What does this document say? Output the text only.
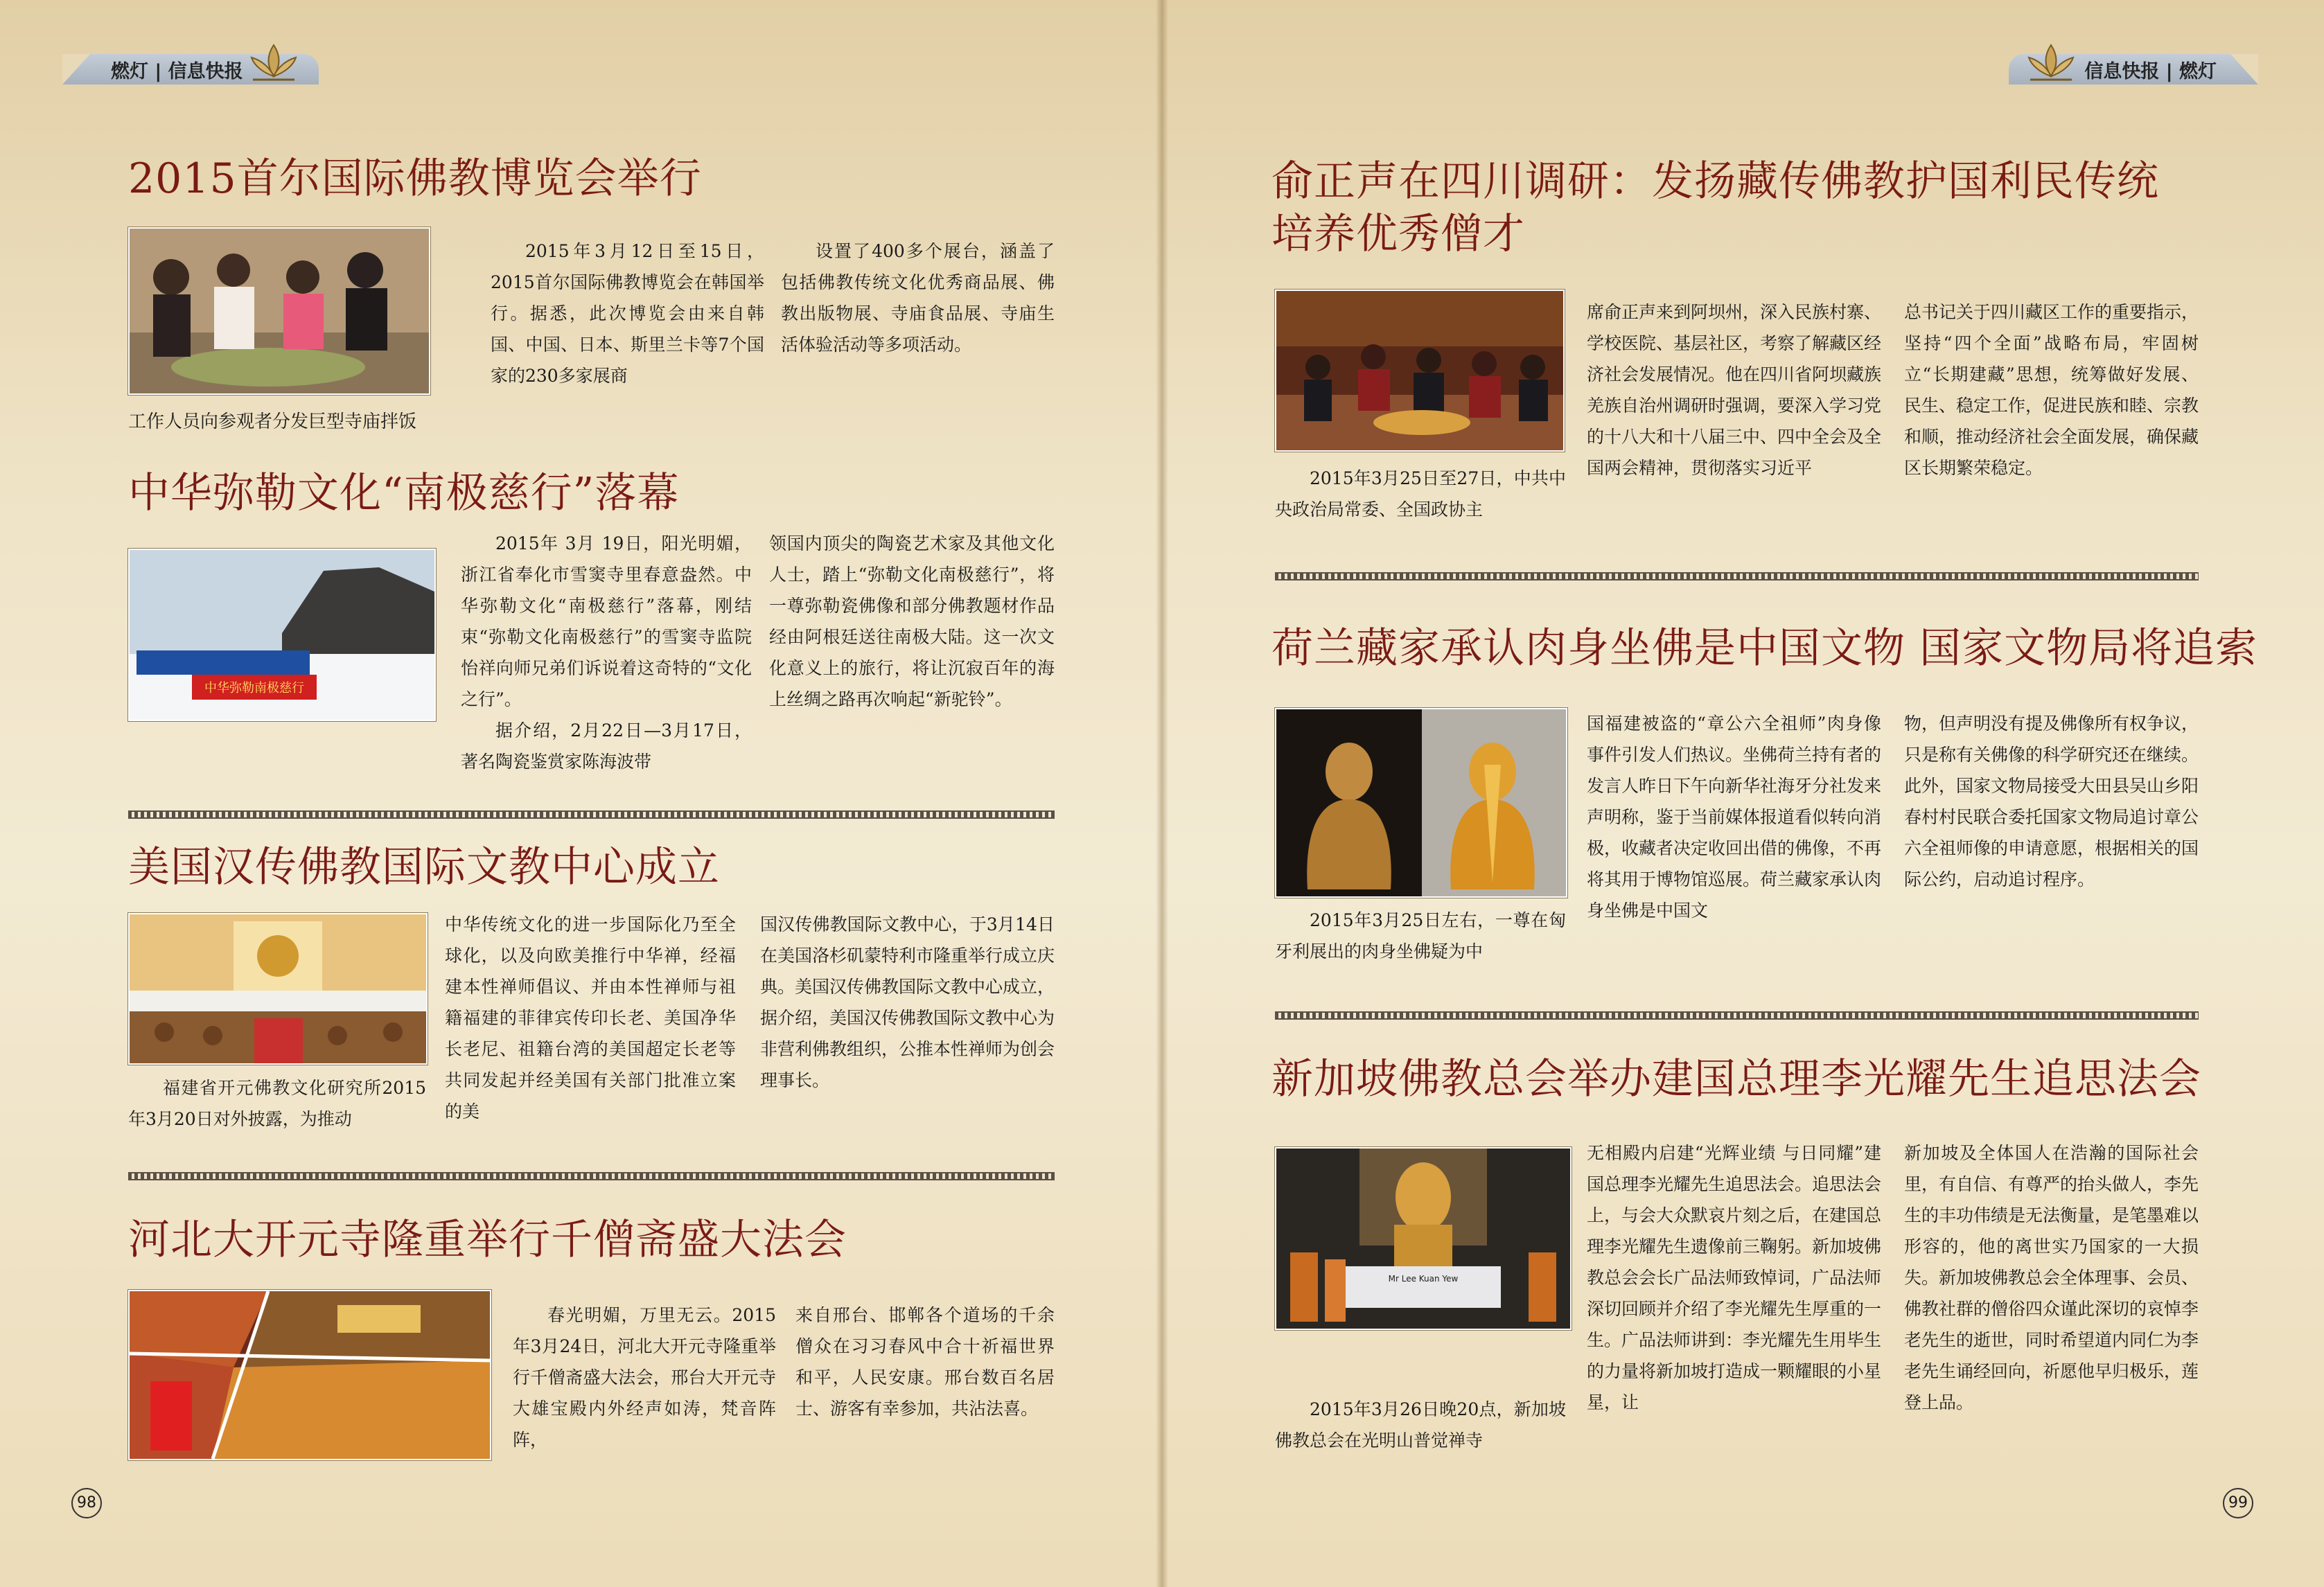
燃灯 | 信息快报	信息快报 | 燃灯
2015首尔国际佛教博览会举行
工作人员向参观者分发巨型寺庙拌饭

2015年3月12日至15日，2015首尔国际佛教博览会在韩国举行。据悉，此次博览会由来自韩国、中国、日本、斯里兰卡等7个国家的230多家展商

设置了400多个展台，涵盖了包括佛教传统文化优秀商品展、佛教出版物展、寺庙食品展、寺庙生活体验活动等多项活动。

中华弥勒文化“南极慈行”落幕
中华弥勒南极慈行

2015年 3月 19日，阳光明媚，浙江省奉化市雪窦寺里春意盎然。中华弥勒文化“南极慈行”落幕，刚结束“弥勒文化南极慈行”的雪窦寺监院怡祥向师兄弟们诉说着这奇特的“文化之行”。

据介绍，2月22日—3月17日，著名陶瓷鉴赏家陈海波带

领国内顶尖的陶瓷艺术家及其他文化人士，踏上“弥勒文化南极慈行”，将一尊弥勒瓷佛像和部分佛教题材作品经由阿根廷送往南极大陆。这一次文化意义上的旅行，将让沉寂百年的海上丝绸之路再次响起“新驼铃”。

美国汉传佛教国际文教中心成立

福建省开元佛教文化研究所2015年3月20日对外披露，为推动

中华传统文化的进一步国际化乃至全球化，以及向欧美推行中华禅，经福建本性禅师倡议、并由本性禅师与祖籍福建的菲律宾传印长老、美国净华长老尼、祖籍台湾的美国超定长老等共同发起并经美国有关部门批准立案的美

国汉传佛教国际文教中心，于3月14日在美国洛杉矶蒙特利市隆重举行成立庆典。美国汉传佛教国际文教中心成立，据介绍，美国汉传佛教国际文教中心为非营利佛教组织，公推本性禅师为创会理事长。

河北大开元寺隆重举行千僧斋盛大法会

春光明媚，万里无云。2015年3月24日，河北大开元寺隆重举行千僧斋盛大法会，邢台大开元寺大雄宝殿内外经声如涛，梵音阵阵，

来自邢台、邯郸各个道场的千余僧众在习习春风中合十祈福世界和平，人民安康。邢台数百名居士、游客有幸参加，共沾法喜。

98
俞正声在四川调研：发扬藏传佛教护国利民传统
培养优秀僧才

2015年3月25日至27日，中共中央政治局常委、全国政协主

席俞正声来到阿坝州，深入民族村寨、学校医院、基层社区，考察了解藏区经济社会发展情况。他在四川省阿坝藏族羌族自治州调研时强调，要深入学习党的十八大和十八届三中、四中全会及全国两会精神，贯彻落实习近平

总书记关于四川藏区工作的重要指示，坚持“四个全面”战略布局，牢固树立“长期建藏”思想，统筹做好发展、民生、稳定工作，促进民族和睦、宗教和顺，推动经济社会全面发展，确保藏区长期繁荣稳定。

荷兰藏家承认肉身坐佛是中国文物 国家文物局将追索

2015年3月25日左右，一尊在匈牙利展出的肉身坐佛疑为中

国福建被盗的“章公六全祖师”肉身像事件引发人们热议。坐佛荷兰持有者的发言人昨日下午向新华社海牙分社发来声明称，鉴于当前媒体报道看似转向消极，收藏者决定收回出借的佛像，不再将其用于博物馆巡展。荷兰藏家承认肉身坐佛是中国文

物，但声明没有提及佛像所有权争议，只是称有关佛像的科学研究还在继续。此外，国家文物局接受大田县吴山乡阳春村村民联合委托国家文物局追讨章公六全祖师像的申请意愿，根据相关的国际公约，启动追讨程序。

新加坡佛教总会举办建国总理李光耀先生追思法会
Mr Lee Kuan Yew

2015年3月26日晚20点，新加坡佛教总会在光明山普觉禅寺

无相殿内启建“光辉业绩 与日同耀”建国总理李光耀先生追思法会。追思法会上，与会大众默哀片刻之后，在建国总理李光耀先生遗像前三鞠躬。新加坡佛教总会会长广品法师致悼词，广品法师深切回顾并介绍了李光耀先生厚重的一生。广品法师讲到：李光耀先生用毕生的力量将新加坡打造成一颗耀眼的小星星，让

新加坡及全体国人在浩瀚的国际社会里，有自信、有尊严的抬头做人，李先生的丰功伟绩是无法衡量，是笔墨难以形容的，他的离世实乃国家的一大损失。新加坡佛教总会全体理事、会员、佛教社群的僧俗四众谨此深切的哀悼李老先生的逝世，同时希望道内同仁为李老先生诵经回向，祈愿他早归极乐，莲登上品。

99
